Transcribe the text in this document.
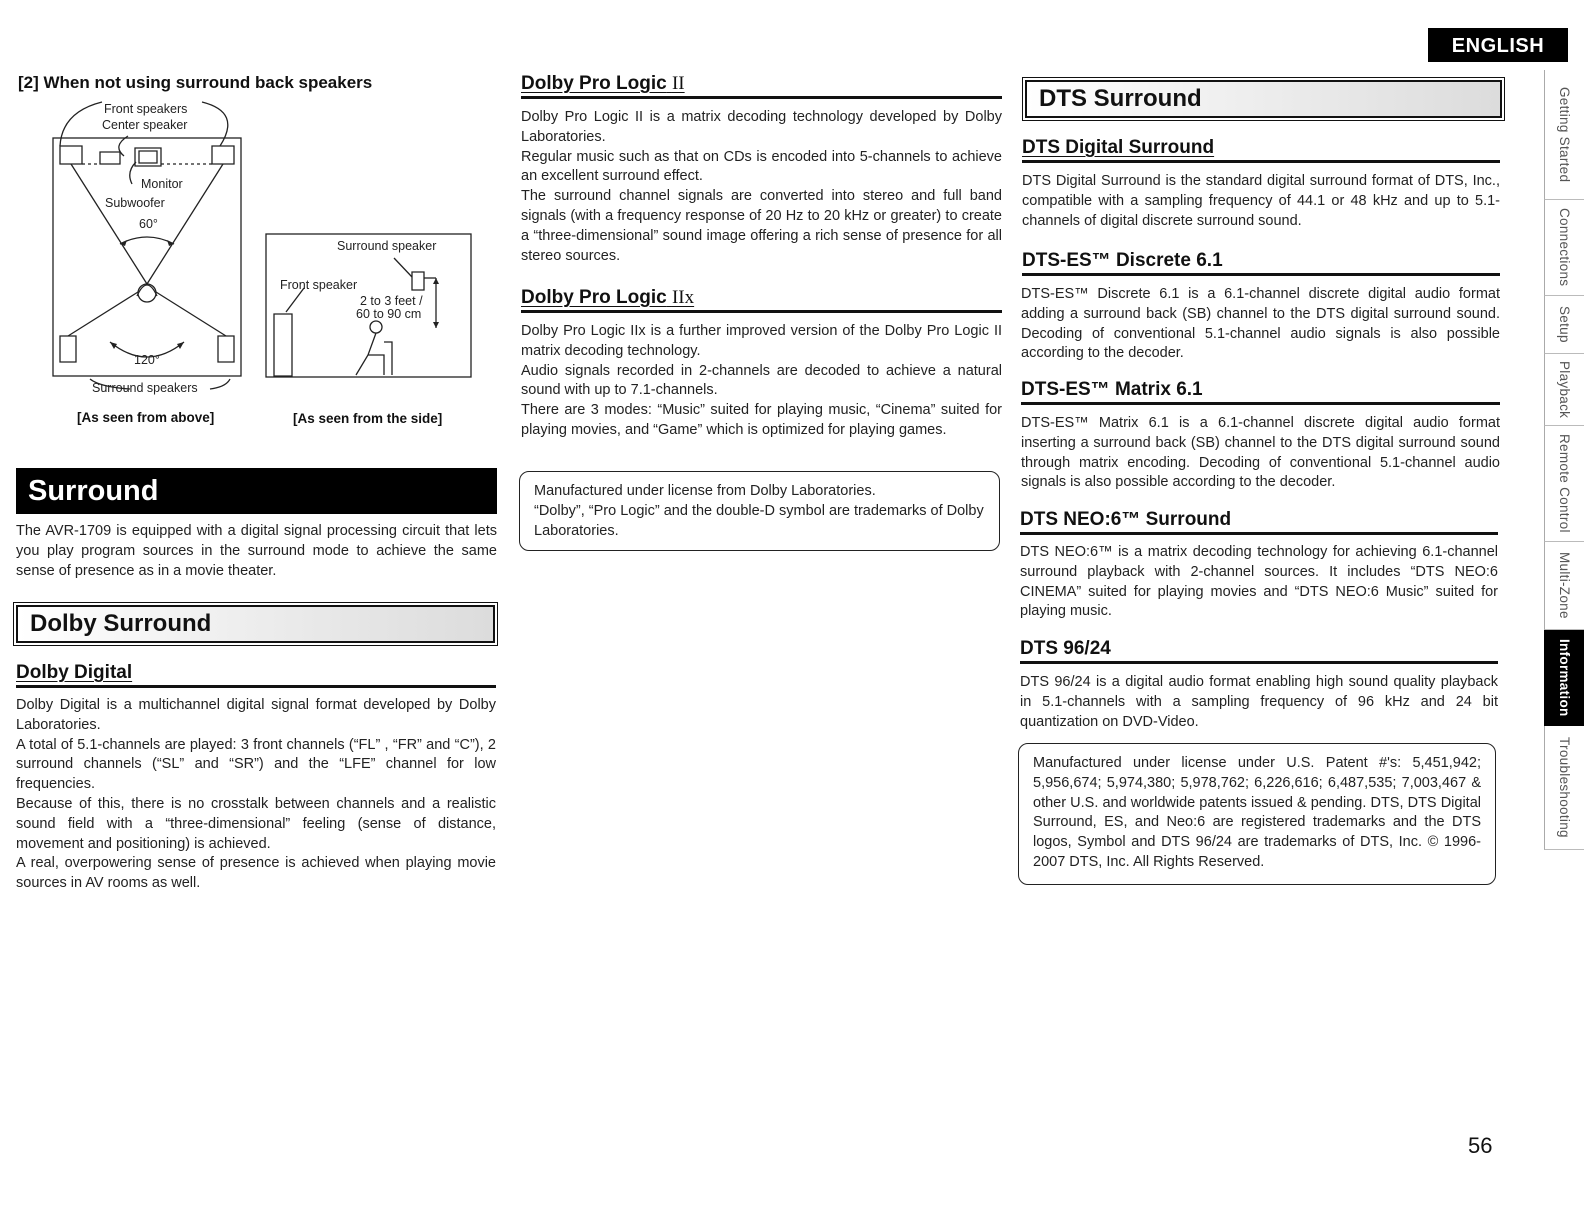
ENGLISH
Getting Started
Connections
Setup
Playback
Remote Control
Multi-Zone
Information
Troubleshooting
[2] When not using surround back speakers
Front speakers
Center speaker
Monitor
Subwoofer
60°
120°
Surround speakers
[As seen from above]
Surround speaker
Front speaker
2 to 3 feet /
60 to 90 cm
[As seen from the side]
Surround

The AVR-1709 is equipped with a digital signal processing circuit that lets you play program sources in the surround mode to achieve the same sense of presence as in a movie theater.

Dolby Surround
Dolby Digital

Dolby Digital is a multichannel digital signal format developed by Dolby Laboratories.

A total of 5.1-channels are played: 3 front channels (“FL” , “FR” and “C”), 2 surround channels (“SL” and “SR”) and the “LFE” channel for low frequencies.

Because of this, there is no crosstalk between channels and a realistic sound field with a “three-dimensional” feeling (sense of distance, movement and positioning) is achieved.

A real, overpowering sense of presence is achieved when playing movie sources in AV rooms as well.

Dolby Pro Logic II

Dolby Pro Logic II is a matrix decoding technology developed by Dolby Laboratories.

Regular music such as that on CDs is encoded into 5-channels to achieve an excellent surround effect.

The surround channel signals are converted into stereo and full band signals (with a frequency response of 20 Hz to 20 kHz or greater) to create a “three-dimensional” sound image offering a rich sense of presence for all stereo sources.

Dolby Pro Logic IIx

Dolby Pro Logic IIx is a further improved version of the Dolby Pro Logic II matrix decoding technology.

Audio signals recorded in 2-channels are decoded to achieve a natural sound with up to 7.1-channels.

There are 3 modes: “Music” suited for playing music, “Cinema” suited for playing movies, and “Game” which is optimized for playing games.

Manufactured under license from Dolby Laboratories.

“Dolby”, “Pro Logic” and the double-D symbol are trademarks of Dolby Laboratories.

DTS Surround
DTS Digital Surround

DTS Digital Surround is the standard digital surround format of DTS, Inc., compatible with a sampling frequency of 44.1 or 48 kHz and up to 5.1-channels of digital discrete surround sound.

DTS-ES™ Discrete 6.1

DTS-ES™ Discrete 6.1 is a 6.1-channel discrete digital audio format adding a surround back (SB) channel to the DTS digital surround sound. Decoding of conventional 5.1-channel audio signals is also possible according to the decoder.

DTS-ES™ Matrix 6.1

DTS-ES™ Matrix 6.1 is a 6.1-channel discrete digital audio format inserting a surround back (SB) channel to the DTS digital surround sound through matrix encoding. Decoding of conventional 5.1-channel audio signals is also possible according to the decoder.

DTS NEO:6™ Surround

DTS NEO:6™ is a matrix decoding technology for achieving 6.1-channel surround playback with 2-channel sources. It includes “DTS NEO:6 CINEMA” suited for playing movies and “DTS NEO:6 Music” suited for playing music.

DTS 96/24

DTS 96/24 is a digital audio format enabling high sound quality playback in 5.1-channels with a sampling frequency of 96 kHz and 24 bit quantization on DVD-Video.

Manufactured under license under U.S. Patent #'s: 5,451,942; 5,956,674; 5,974,380; 5,978,762; 6,226,616; 6,487,535; 7,003,467 & other U.S. and worldwide patents issued & pending. DTS, DTS Digital Surround, ES, and Neo:6 are registered trademarks and the DTS logos, Symbol and DTS 96/24 are trademarks of DTS, Inc. © 1996-2007 DTS, Inc. All Rights Reserved.

56
